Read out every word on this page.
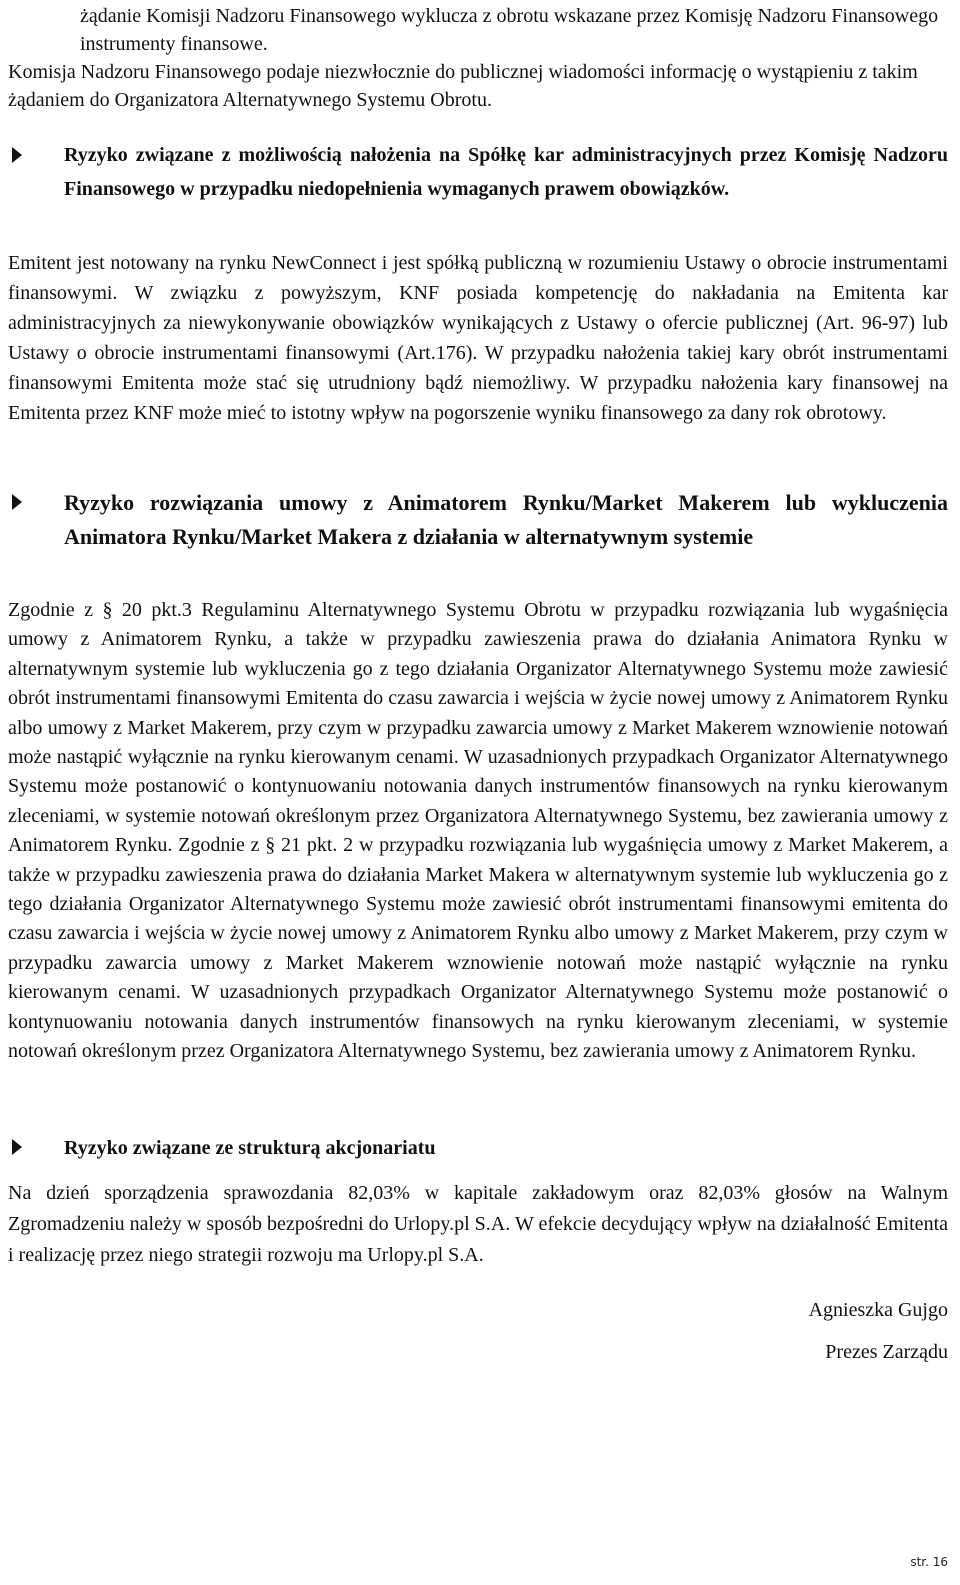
żądanie Komisji Nadzoru Finansowego wyklucza z obrotu wskazane przez Komisję Nadzoru Finansowego instrumenty finansowe.

Komisja Nadzoru Finansowego podaje niezwłocznie do publicznej wiadomości informację o wystąpieniu z takim żądaniem do Organizatora Alternatywnego Systemu Obrotu.

Ryzyko związane z możliwością nałożenia na Spółkę kar administracyjnych przez Komisję Nadzoru Finansowego w przypadku niedopełnienia wymaganych prawem obowiązków.

Emitent jest notowany na rynku NewConnect i jest spółką publiczną w rozumieniu Ustawy o obrocie instrumentami finansowymi. W związku z powyższym, KNF posiada kompetencję do nakładania na Emitenta kar administracyjnych za niewykonywanie obowiązków wynikających z Ustawy o ofercie publicznej (Art. 96-97) lub Ustawy o obrocie instrumentami finansowymi (Art.176). W przypadku nałożenia takiej kary obrót instrumentami finansowymi Emitenta może stać się utrudniony bądź niemożliwy. W przypadku nałożenia kary finansowej na Emitenta przez KNF może mieć to istotny wpływ na pogorszenie wyniku finansowego za dany rok obrotowy.

Ryzyko rozwiązania umowy z Animatorem Rynku/Market Makerem lub wykluczenia Animatora Rynku/Market Makera z działania w alternatywnym systemie

Zgodnie z § 20 pkt.3 Regulaminu Alternatywnego Systemu Obrotu w przypadku rozwiązania lub wygaśnięcia umowy z Animatorem Rynku, a także w przypadku zawieszenia prawa do działania Animatora Rynku w alternatywnym systemie lub wykluczenia go z tego działania Organizator Alternatywnego Systemu może zawiesić obrót instrumentami finansowymi Emitenta do czasu zawarcia i wejścia w życie nowej umowy z Animatorem Rynku albo umowy z Market Makerem, przy czym w przypadku zawarcia umowy z Market Makerem wznowienie notowań może nastąpić wyłącznie na rynku kierowanym cenami. W uzasadnionych przypadkach Organizator Alternatywnego Systemu może postanowić o kontynuowaniu notowania danych instrumentów finansowych na rynku kierowanym zleceniami, w systemie notowań określonym przez Organizatora Alternatywnego Systemu, bez zawierania umowy z Animatorem Rynku. Zgodnie z § 21 pkt. 2 w przypadku rozwiązania lub wygaśnięcia umowy z Market Makerem, a także w przypadku zawieszenia prawa do działania Market Makera w alternatywnym systemie lub wykluczenia go z tego działania Organizator Alternatywnego Systemu może zawiesić obrót instrumentami finansowymi emitenta do czasu zawarcia i wejścia w życie nowej umowy z Animatorem Rynku albo umowy z Market Makerem, przy czym w przypadku zawarcia umowy z Market Makerem wznowienie notowań może nastąpić wyłącznie na rynku kierowanym cenami. W uzasadnionych przypadkach Organizator Alternatywnego Systemu może postanowić o kontynuowaniu notowania danych instrumentów finansowych na rynku kierowanym zleceniami, w systemie notowań określonym przez Organizatora Alternatywnego Systemu, bez zawierania umowy z Animatorem Rynku.

Ryzyko związane ze strukturą akcjonariatu

Na dzień sporządzenia sprawozdania 82,03% w kapitale zakładowym oraz 82,03% głosów na Walnym Zgromadzeniu należy w sposób bezpośredni do Urlopy.pl S.A. W efekcie decydujący wpływ na działalność Emitenta i realizację przez niego strategii rozwoju ma Urlopy.pl S.A.

Agnieszka Gujgo

Prezes Zarządu

str. 16
